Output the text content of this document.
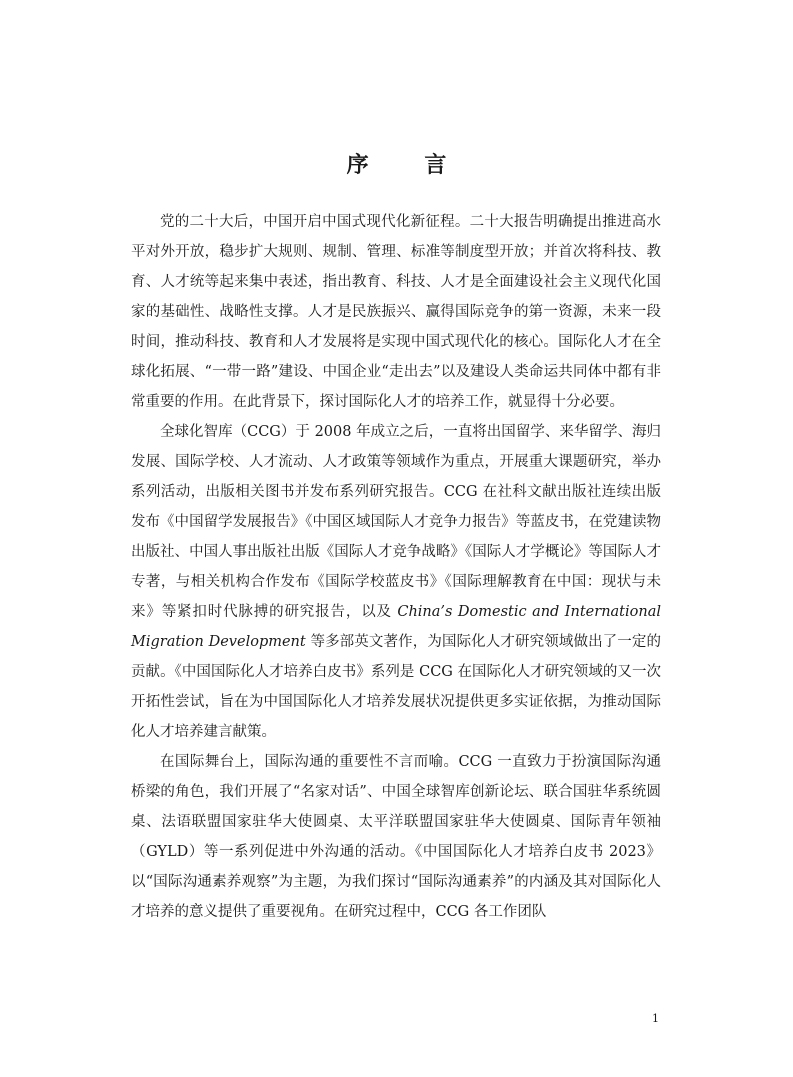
序 言

党的二十大后，中国开启中国式现代化新征程。二十大报告明确提出推进高水平对外开放，稳步扩大规则、规制、管理、标准等制度型开放；并首次将科技、教育、人才统等起来集中表述，指出教育、科技、人才是全面建设社会主义现代化国家的基础性、战略性支撑。人才是民族振兴、赢得国际竞争的第一资源，未来一段时间，推动科技、教育和人才发展将是实现中国式现代化的核心。国际化人才在全球化拓展、“一带一路”建设、中国企业“走出去”以及建设人类命运共同体中都有非常重要的作用。在此背景下，探讨国际化人才的培养工作，就显得十分必要。

全球化智库（CCG）于 2008 年成立之后，一直将出国留学、来华留学、海归发展、国际学校、人才流动、人才政策等领域作为重点，开展重大课题研究，举办系列活动，出版相关图书并发布系列研究报告。CCG 在社科文献出版社连续出版发布《中国留学发展报告》《中国区域国际人才竞争力报告》等蓝皮书，在党建读物出版社、中国人事出版社出版《国际人才竞争战略》《国际人才学概论》等国际人才专著，与相关机构合作发布《国际学校蓝皮书》《国际理解教育在中国：现状与未来》等紧扣时代脉搏的研究报告，以及 China’s Domestic and International Migration Development 等多部英文著作，为国际化人才研究领域做出了一定的贡献。《中国国际化人才培养白皮书》系列是 CCG 在国际化人才研究领域的又一次开拓性尝试，旨在为中国国际化人才培养发展状况提供更多实证依据，为推动国际化人才培养建言献策。

在国际舞台上，国际沟通的重要性不言而喻。CCG 一直致力于扮演国际沟通桥梁的角色，我们开展了“名家对话”、中国全球智库创新论坛、联合国驻华系统圆桌、法语联盟国家驻华大使圆桌、太平洋联盟国家驻华大使圆桌、国际青年领袖（GYLD）等一系列促进中外沟通的活动。《中国国际化人才培养白皮书 2023》以“国际沟通素养观察”为主题，为我们探讨“国际沟通素养”的内涵及其对国际化人才培养的意义提供了重要视角。在研究过程中，CCG 各工作团队

1
